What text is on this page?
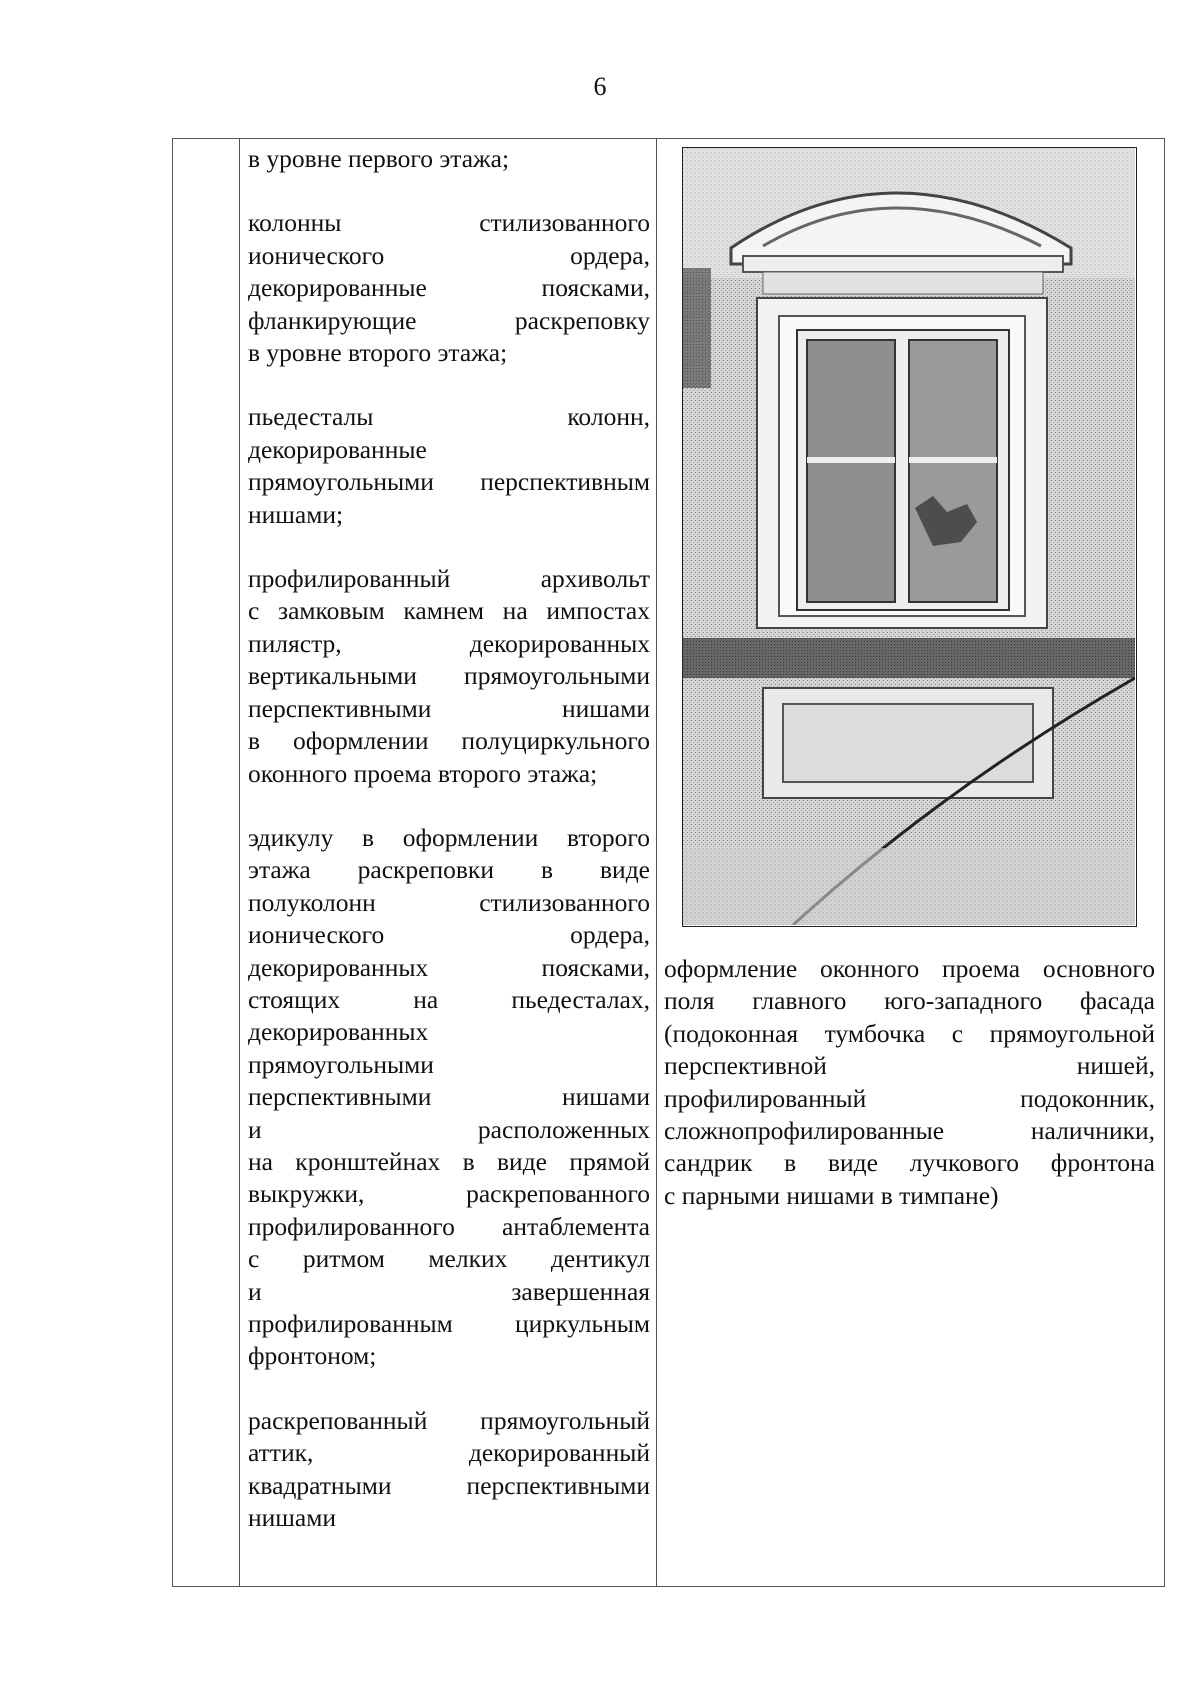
6
в уровне первого этажа;
колонны стилизованного
ионического ордера,
декорированные поясками,
фланкирующие раскреповку
в уровне второго этажа;
пьедесталы колонн,
декорированные
прямоугольными перспективным
нишами;
профилированный архивольт
с замковым камнем на импостах
пилястр, декорированных
вертикальными прямоугольными
перспективными нишами
в оформлении полуциркульного
оконного проема второго этажа;
эдикулу в оформлении второго
этажа раскреповки в виде
полуколонн стилизованного
ионического ордера,
декорированных поясками,
стоящих на пьедесталах,
декорированных
прямоугольными
перспективными нишами
и расположенных
на кронштейнах в виде прямой
выкружки, раскрепованного
профилированного антаблемента
с ритмом мелких дентикул
и завершенная
профилированным циркульным
фронтоном;
раскрепованный прямоугольный
аттик, декорированный
квадратными перспективными
нишами
оформление оконного проема основного
поля главного юго-западного фасада
(подоконная тумбочка с прямоугольной
перспективной нишей,
профилированный подоконник,
сложнопрофилированные наличники,
сандрик в виде лучкового фронтона
с парными нишами в тимпане)
